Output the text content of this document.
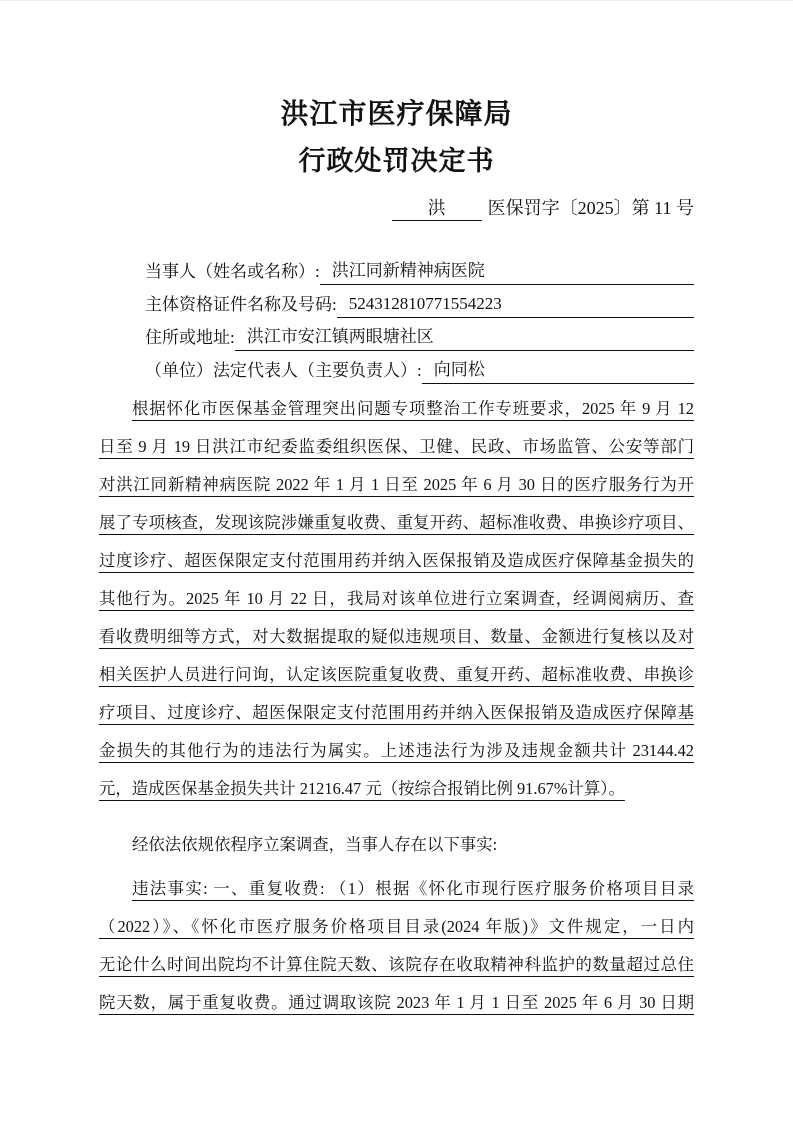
洪江市医疗保障局
行政处罚决定书
洪 医保罚字〔2025〕第 11 号
当事人（姓名或名称）: 洪江同新精神病医院
主体资格证件名称及号码: 524312810771554223
住所或地址: 洪江市安江镇两眼塘社区
（单位）法定代表人（主要负责人）: 向同松
根据怀化市医保基金管理突出问题专项整治工作专班要求，2025 年 9 月 12
日至 9 月 19 日洪江市纪委监委组织医保、卫健、民政、市场监管、公安等部门
对洪江同新精神病医院 2022 年 1 月 1 日至 2025 年 6 月 30 日的医疗服务行为开
展了专项核查，发现该院涉嫌重复收费、重复开药、超标准收费、串换诊疗项目、
过度诊疗、超医保限定支付范围用药并纳入医保报销及造成医疗保障基金损失的
其他行为。2025 年 10 月 22 日，我局对该单位进行立案调查，经调阅病历、查
看收费明细等方式，对大数据提取的疑似违规项目、数量、金额进行复核以及对
相关医护人员进行问询，认定该医院重复收费、重复开药、超标准收费、串换诊
疗项目、过度诊疗、超医保限定支付范围用药并纳入医保报销及造成医疗保障基
金损失的其他行为的违法行为属实。上述违法行为涉及违规金额共计 23144.42
元，造成医保基金损失共计 21216.47 元（按综合报销比例 91.67%计算）。
经依法依规依程序立案调查，当事人存在以下事实:
违法事实: 一、重复收费: （1）根据《怀化市现行医疗服务价格项目目录
（2022）》、《怀化市医疗服务价格项目目录(2024 年版)》文件规定，一日内
无论什么时间出院均不计算住院天数、该院存在收取精神科监护的数量超过总住
院天数，属于重复收费。通过调取该院 2023 年 1 月 1 日至 2025 年 6 月 30 日期
